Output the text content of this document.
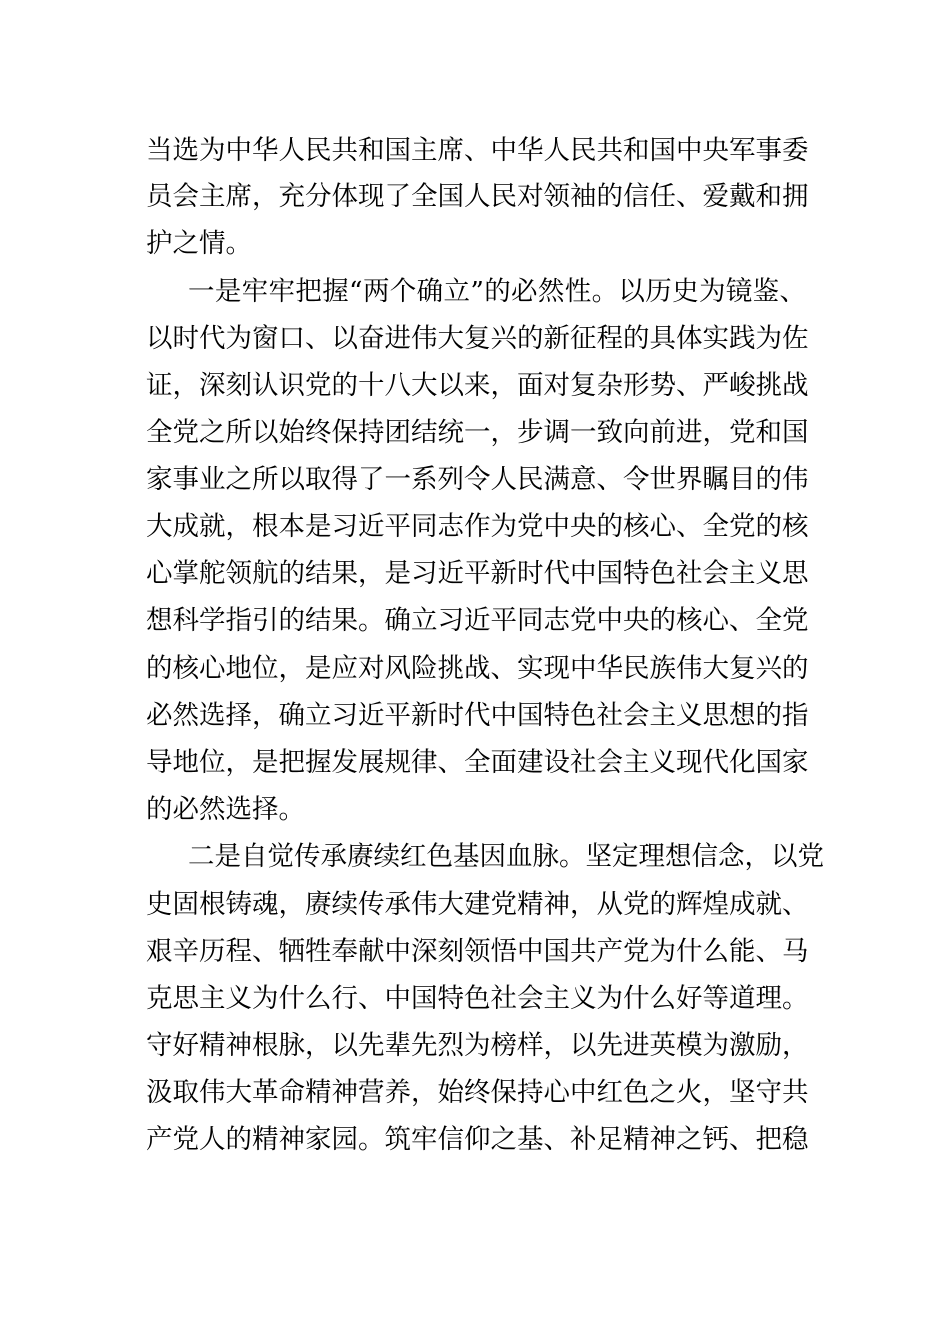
当选为中华人民共和国主席、中华人民共和国中央军事委
员会主席，充分体现了全国人民对领袖的信任、爱戴和拥
护之情。
一是牢牢把握“两个确立”的必然性。以历史为镜鉴、
以时代为窗口、以奋进伟大复兴的新征程的具体实践为佐
证，深刻认识党的十八大以来，面对复杂形势、严峻挑战
全党之所以始终保持团结统一，步调一致向前进，党和国
家事业之所以取得了一系列令人民满意、令世界瞩目的伟
大成就，根本是习近平同志作为党中央的核心、全党的核
心掌舵领航的结果，是习近平新时代中国特色社会主义思
想科学指引的结果。确立习近平同志党中央的核心、全党
的核心地位，是应对风险挑战、实现中华民族伟大复兴的
必然选择，确立习近平新时代中国特色社会主义思想的指
导地位，是把握发展规律、全面建设社会主义现代化国家
的必然选择。
二是自觉传承赓续红色基因血脉。坚定理想信念，以党
史固根铸魂，赓续传承伟大建党精神，从党的辉煌成就、
艰辛历程、牺牲奉献中深刻领悟中国共产党为什么能、马
克思主义为什么行、中国特色社会主义为什么好等道理。
守好精神根脉，以先辈先烈为榜样，以先进英模为激励，
汲取伟大革命精神营养，始终保持心中红色之火，坚守共
产党人的精神家园。筑牢信仰之基、补足精神之钙、把稳
